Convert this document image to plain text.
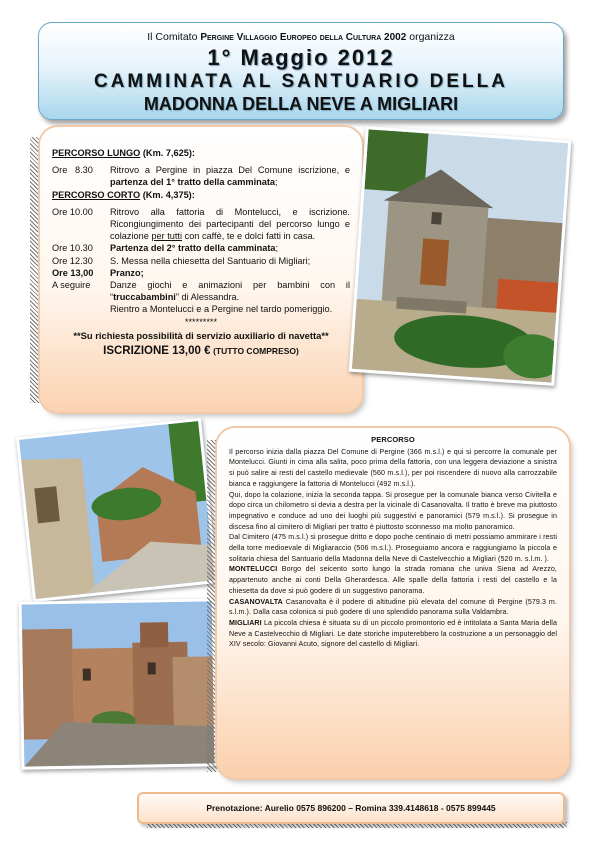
Il Comitato Pergine Villaggio Europeo della Cultura 2002 organizza
1° Maggio 2012
CAMMINATA AL SANTUARIO DELLA
MADONNA DELLA NEVE A MIGLIARI
PERCORSO LUNGO (Km. 7,625):
Ore   8.30	Ritrovo a Pergine in piazza Del Comune iscrizione, e partenza del 1° tratto della camminata;
PERCORSO CORTO (Km. 4,375):
Ore 10.00	Ritrovo alla fattoria di Montelucci, e iscrizione. Ricongiungimento dei partecipanti del percorso lungo e colazione per tutti con caffè, te e dolci fatti in casa.
Ore 10.30	Partenza del 2° tratto della camminata;
Ore 12.30	S. Messa nella chiesetta del Santuario di Migliari;
Ore 13,00	Pranzo;
A seguire	Danze giochi e animazioni per bambini con il “truccabambini” di Alessandra.
Rientro a Montelucci e a Pergine nel tardo pomeriggio.
*********
**Su richiesta possibilità di servizio auxiliario di navetta**
ISCRIZIONE 13,00 € (TUTTO COMPRESO)
PERCORSO

Il percorso inizia dalla piazza Del Comune di Pergine (366 m.s.l.) e qui si percorre la comunale per Montelucci. Giunti in cima alla salita, poco prima della fattoria, con una leggera deviazione a sinistra si può salire ai resti del castello medievale (560 m.s.l.), per poi riscendere di nuovo alla carrozzabile bianca e raggiungere la fattoria di Montelucci (492 m.s.l.).

Qui, dopo la colazione, inizia la seconda tappa. Si prosegue per la comunale bianca verso Civitella e dopo circa un chilometro si devia a destra per la vicinale di Casanovalta. Il tratto è breve ma piuttosto impegnativo e conduce ad uno dei luoghi più suggestivi e panoramici (579 m.s.l.). Si prosegue in discesa fino al cimitero di Migliari per tratto è piuttosto sconnesso ma molto panoramico.

Dal Cimitero (475 m.s.l.) si prosegue dritto e dopo poche centinaio di metri possiamo ammirare i resti della torre medioevale di Migliaraccio (506 m.s.l.). Proseguiamo ancora e raggiungiamo la piccola e solitaria chiesa del Santuario della Madonna della Neve di Castelvecchio a Migliari (520 m. s.l.m. ).

MONTELUCCI Borgo del seicento sorto lungo la strada romana che univa Siena ad Arezzo, appartenuto anche ai conti Della Gherardesca. Alle spalle della fattoria i resti del castello e la chiesetta da dove si può godere di un suggestivo panorama.

CASANOVALTA Casanovalta è il podere di altitudine più elevata del comune di Pergine (579.3 m. s.l.m.). Dalla casa colonica si può godere di uno splendido panorama sulla Valdambra.

MIGLIARI La piccola chiesa è situata su di un piccolo promontorio ed è intitolata a Santa Maria della Neve a Castelvecchio di Migliari. Le date storiche imputerebbero la costruzione a un personaggio del XIV secolo: Giovanni Acuto, signore del castello di Migliari.

Prenotazione: Aurelio 0575 896200 – Romina 339.4148618 - 0575 899445
